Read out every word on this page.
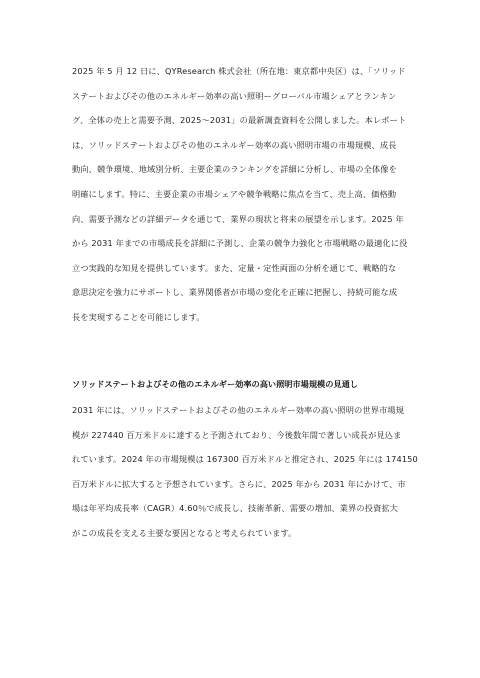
2025 年 5 月 12 日に、QYResearch 株式会社（所在地：東京都中央区）は、「ソリッド
ステートおよびその他のエネルギー効率の高い照明ーグローバル市場シェアとランキン
グ、全体の売上と需要予測、2025～2031」の最新調査資料を公開しました。本レポート
は、ソリッドステートおよびその他のエネルギー効率の高い照明市場の市場規模、成長
動向、競争環境、地域別分析、主要企業のランキングを詳細に分析し、市場の全体像を
明確にします。特に、主要企業の市場シェアや競争戦略に焦点を当て、売上高、価格動
向、需要予測などの詳細データを通じて、業界の現状と将来の展望を示します。2025 年
から 2031 年までの市場成長を詳細に予測し、企業の競争力強化と市場戦略の最適化に役
立つ実践的な知見を提供しています。また、定量・定性両面の分析を通じて、戦略的な
意思決定を強力にサポートし、業界関係者が市場の変化を正確に把握し、持続可能な成
長を実現することを可能にします。
ソリッドステートおよびその他のエネルギー効率の高い照明市場規模の見通し
2031 年には、ソリッドステートおよびその他のエネルギー効率の高い照明の世界市場規
模が 227440 百万米ドルに達すると予測されており、今後数年間で著しい成長が見込ま
れています。2024 年の市場規模は 167300 百万米ドルと推定され、2025 年には 174150
百万米ドルに拡大すると予想されています。さらに、2025 年から 2031 年にかけて、市
場は年平均成長率（CAGR）4.60％で成長し、技術革新、需要の増加、業界の投資拡大
がこの成長を支える主要な要因となると考えられています。
